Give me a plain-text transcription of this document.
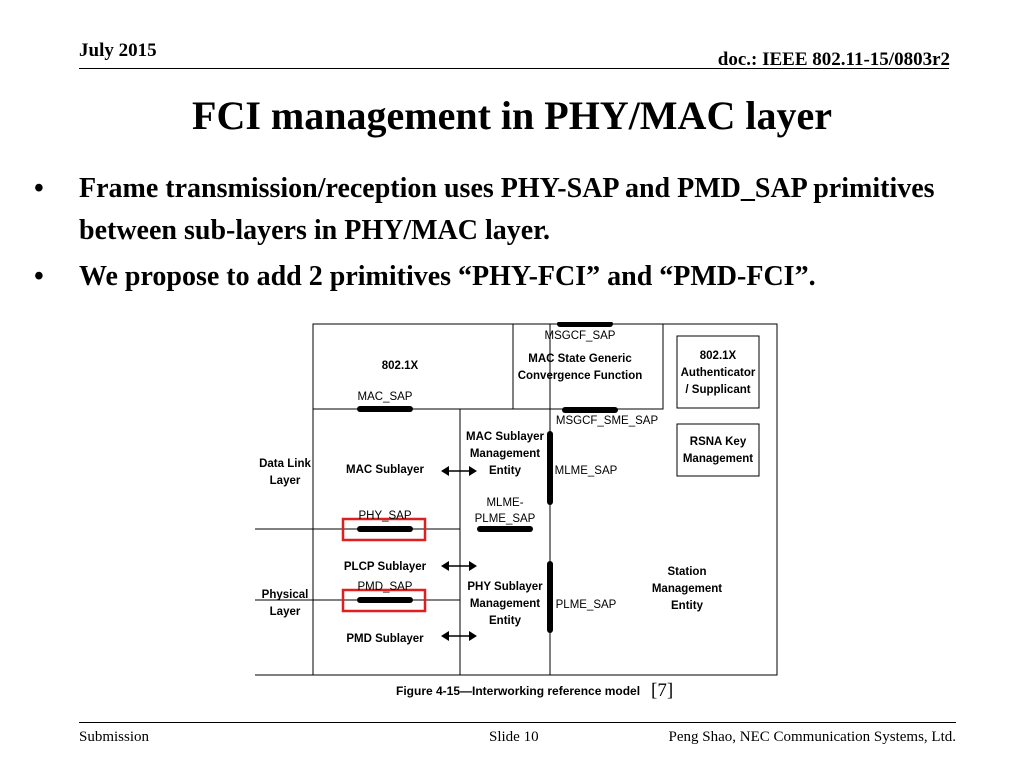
July 2015	doc.: IEEE 802.11-15/0803r2
FCI management in PHY/MAC layer
• Frame transmission/reception uses PHY-SAP and PMD_SAP primitives between sub-layers in PHY/MAC layer.
• We propose to add 2 primitives “PHY-FCI” and “PMD-FCI”.
802.1X
MAC_SAP
MSGCF_SAP
MAC State Generic
Convergence Function
802.1X
Authenticator
/ Supplicant
MSGCF_SME_SAP
RSNA Key
Management
Data Link
Layer
MAC Sublayer
MAC Sublayer
Management
Entity	MLME_SAP
PHY_SAP
MLME-
PLME_SAP
PLCP Sublayer
PMD_SAP
Physical
Layer
PHY Sublayer
Management
Entity
PLME_SAP
Station
Management
Entity
PMD Sublayer
Figure 4-15—Interworking reference model [7]
Submission	Slide 10	Peng Shao, NEC Communication Systems, Ltd.
